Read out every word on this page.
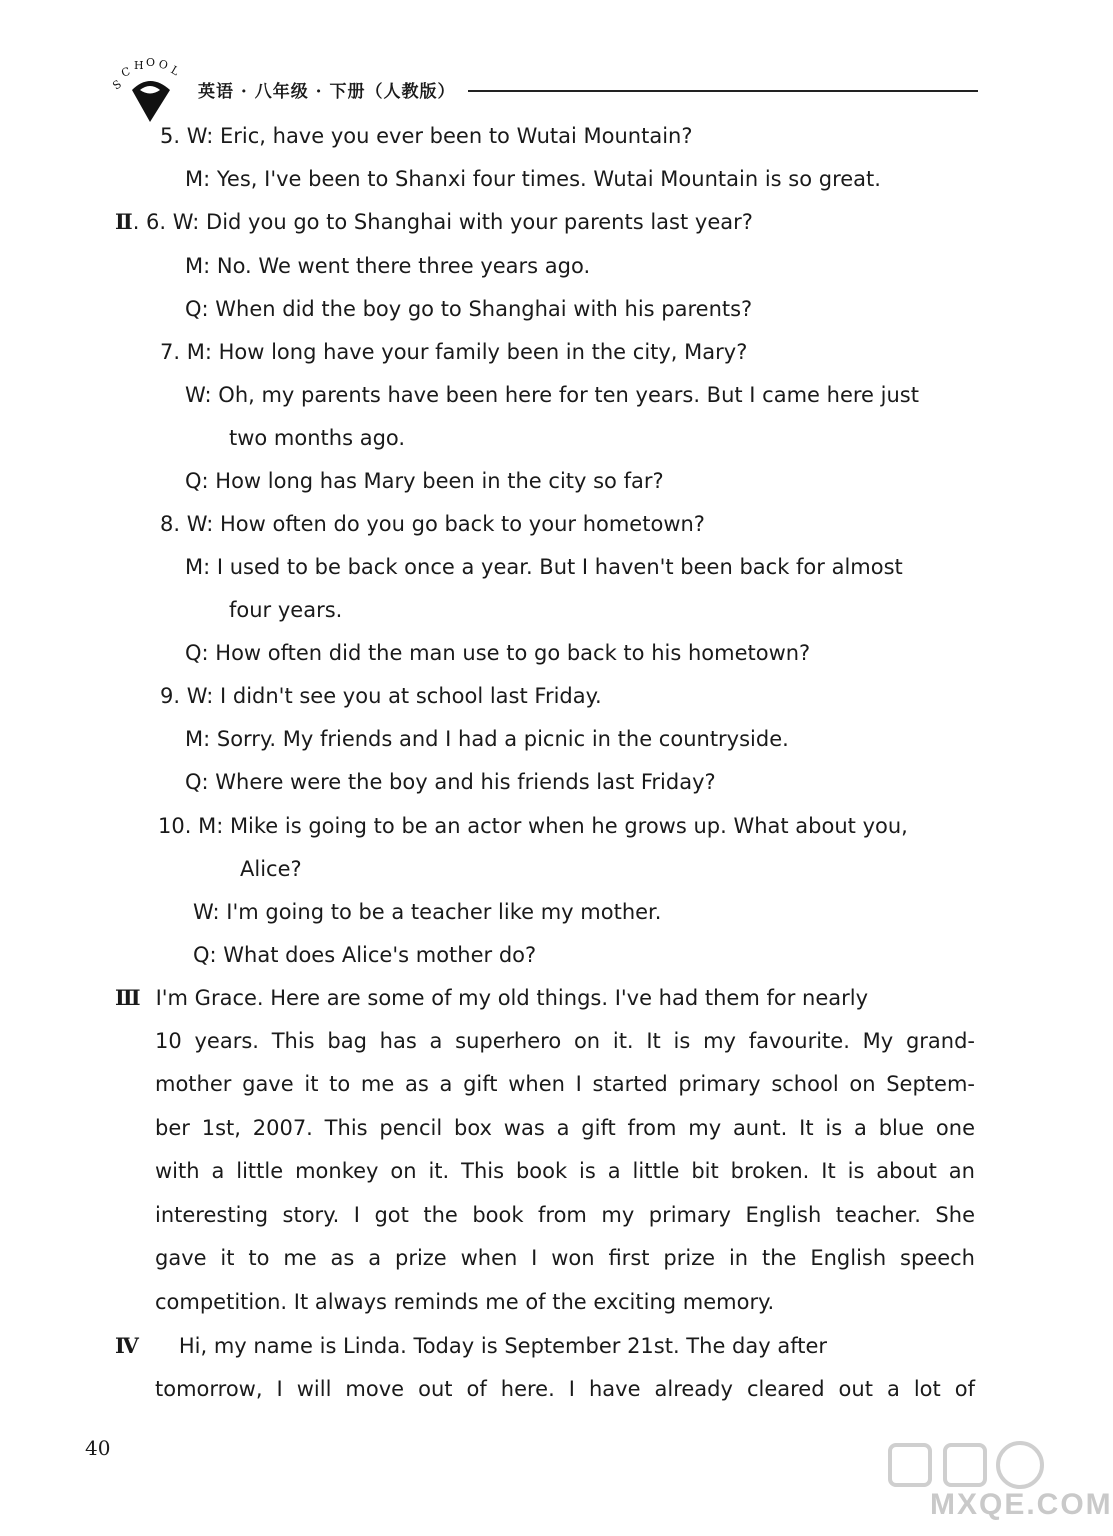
S
C H O O L
英语 · 八年级 · 下册（人教版）
5. W: Eric, have you ever been to Wutai Mountain?
M: Yes, I've been to Shanxi four times. Wutai Mountain is so great.
Ⅱ. 6. W: Did you go to Shanghai with your parents last year?
M: No. We went there three years ago.
Q: When did the boy go to Shanghai with his parents?
7. M: How long have your family been in the city, Mary?
W: Oh, my parents have been here for ten years. But I came here just
two months ago.
Q: How long has Mary been in the city so far?
8. W: How often do you go back to your hometown?
M: I used to be back once a year. But I haven't been back for almost
four years.
Q: How often did the man use to go back to his hometown?
9. W: I didn't see you at school last Friday.
M: Sorry. My friends and I had a picnic in the countryside.
Q: Where were the boy and his friends last Friday?
10. M: Mike is going to be an actor when he grows up. What about you,
Alice?
W: I'm going to be a teacher like my mother.
Q: What does Alice's mother do?
Ⅲ I'm Grace. Here are some of my old things. I've had them for nearly
10 years. This bag has a superhero on it. It is my favourite. My grand-
mother gave it to me as a gift when I started primary school on Septem-
ber 1st, 2007. This pencil box was a gift from my aunt. It is a blue one
with a little monkey on it. This book is a little bit broken. It is about an
interesting story. I got the book from my primary English teacher. She
gave it to me as a prize when I won first prize in the English speech
competition. It always reminds me of the exciting memory.
Ⅳ Hi, my name is Linda. Today is September 21st. The day after
tomorrow, I will move out of here. I have already cleared out a lot of
40
MXQE.COM
